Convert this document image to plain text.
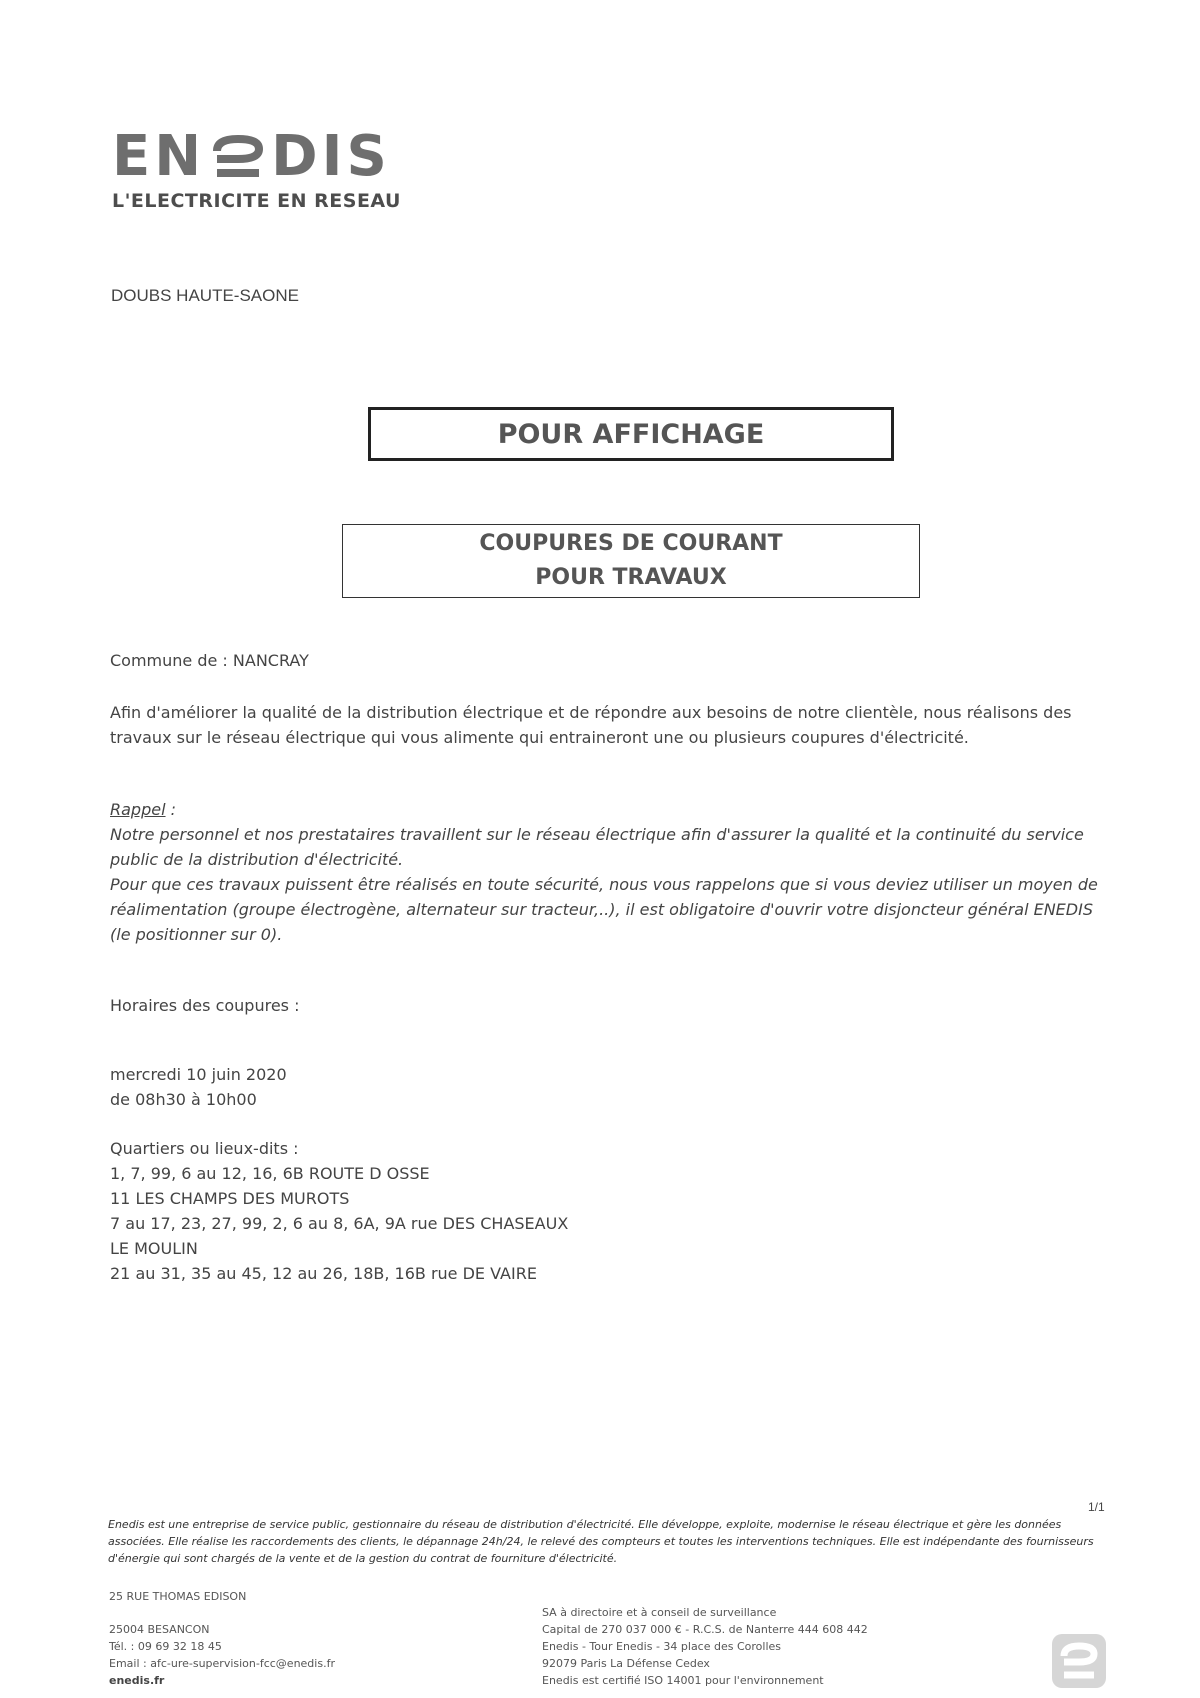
EN DIS
L'ELECTRICITE EN RESEAU
DOUBS HAUTE-SAONE
POUR AFFICHAGE
COUPURES DE COURANT
POUR TRAVAUX
Commune de : NANCRAY
Afin d'améliorer la qualité de la distribution électrique et de répondre aux besoins de notre clientèle, nous réalisons des travaux sur le réseau électrique qui vous alimente qui entraineront une ou plusieurs coupures d'électricité.
Rappel :
Notre personnel et nos prestataires travaillent sur le réseau électrique afin d'assurer la qualité et la continuité du service public de la distribution d'électricité.
Pour que ces travaux puissent être réalisés en toute sécurité, nous vous rappelons que si vous deviez utiliser un moyen de réalimentation (groupe électrogène, alternateur sur tracteur,..), il est obligatoire d'ouvrir votre disjoncteur général ENEDIS (le positionner sur 0).
Horaires des coupures :
mercredi 10 juin 2020
de 08h30 à 10h00
Quartiers ou lieux-dits :
1, 7, 99, 6 au 12, 16, 6B ROUTE D OSSE
11 LES CHAMPS DES MUROTS
7 au 17, 23, 27, 99, 2, 6 au 8, 6A, 9A rue DES CHASEAUX
LE MOULIN
21 au 31, 35 au 45, 12 au 26, 18B, 16B rue DE VAIRE
1/1
Enedis est une entreprise de service public, gestionnaire du réseau de distribution d'électricité. Elle développe, exploite, modernise le réseau électrique et gère les données associées. Elle réalise les raccordements des clients, le dépannage 24h/24, le relevé des compteurs et toutes les interventions techniques. Elle est indépendante des fournisseurs d'énergie qui sont chargés de la vente et de la gestion du contrat de fourniture d'électricité.
25 RUE THOMAS EDISON
25004 BESANCON
Tél. : 09 69 32 18 45
Email : afc-ure-supervision-fcc@enedis.fr
enedis.fr
SA à directoire et à conseil de surveillance
Capital de 270 037 000 € - R.C.S. de Nanterre 444 608 442
Enedis - Tour Enedis - 34 place des Corolles
92079 Paris La Défense Cedex
Enedis est certifié ISO 14001 pour l'environnement
